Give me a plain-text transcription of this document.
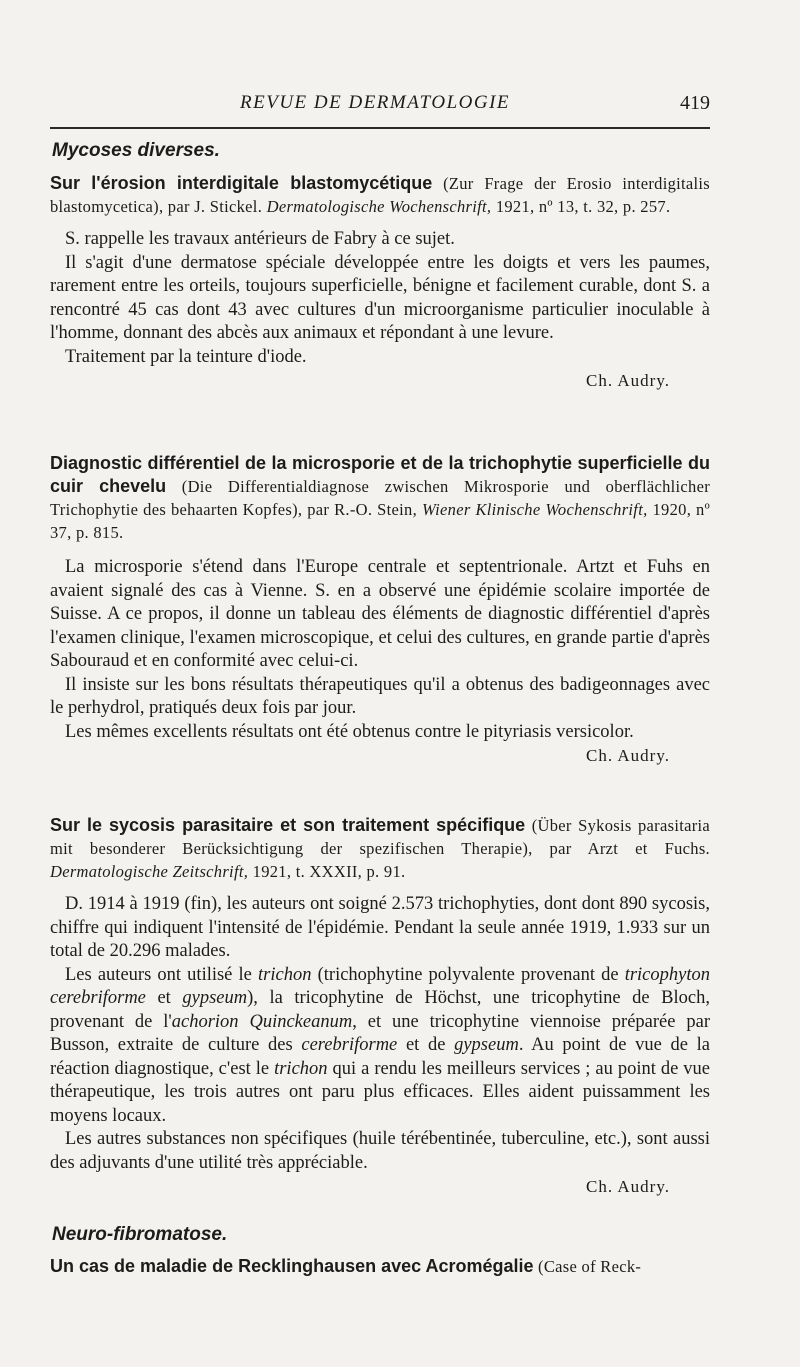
REVUE DE DERMATOLOGIE	419
Mycoses diverses.

Sur l'érosion interdigitale blastomycétique (Zur Frage der Erosio interdigitalis blastomycetica), par J. Stickel. Dermatologische Wochenschrift, 1921, nº 13, t. 32, p. 257.

S. rappelle les travaux antérieurs de Fabry à ce sujet.

Il s'agit d'une dermatose spéciale développée entre les doigts et vers les paumes, rarement entre les orteils, toujours superficielle, bénigne et facilement curable, dont S. a rencontré 45 cas dont 43 avec cultures d'un microorganisme particulier inoculable à l'homme, donnant des abcès aux animaux et répondant à une levure.

Traitement par la teinture d'iode.

Ch. Audry.

Diagnostic différentiel de la microsporie et de la trichophytie superficielle du cuir chevelu (Die Differentialdiagnose zwischen Mikrosporie und oberflächlicher Trichophytie des behaarten Kopfes), par R.-O. Stein, Wiener Klinische Wochenschrift, 1920, nº 37, p. 815.

La microsporie s'étend dans l'Europe centrale et septentrionale. Artzt et Fuhs en avaient signalé des cas à Vienne. S. en a observé une épidémie scolaire importée de Suisse. A ce propos, il donne un tableau des éléments de diagnostic différentiel d'après l'examen clinique, l'examen microscopique, et celui des cultures, en grande partie d'après Sabouraud et en conformité avec celui-ci.

Il insiste sur les bons résultats thérapeutiques qu'il a obtenus des badigeonnages avec le perhydrol, pratiqués deux fois par jour.

Les mêmes excellents résultats ont été obtenus contre le pityriasis versicolor.

Ch. Audry.

Sur le sycosis parasitaire et son traitement spécifique (Über Sykosis parasitaria mit besonderer Berücksichtigung der spezifischen Therapie), par Arzt et Fuchs. Dermatologische Zeitschrift, 1921, t. XXXII, p. 91.

D. 1914 à 1919 (fin), les auteurs ont soigné 2.573 trichophyties, dont dont 890 sycosis, chiffre qui indiquent l'intensité de l'épidémie. Pendant la seule année 1919, 1.933 sur un total de 20.296 malades.

Les auteurs ont utilisé le trichon (trichophytine polyvalente provenant de tricophyton cerebriforme et gypseum), la tricophytine de Höchst, une tricophytine de Bloch, provenant de l'achorion Quinckeanum, et une tricophytine viennoise préparée par Busson, extraite de culture des cerebriforme et de gypseum. Au point de vue de la réaction diagnostique, c'est le trichon qui a rendu les meilleurs services ; au point de vue thérapeutique, les trois autres ont paru plus efficaces. Elles aident puissamment les moyens locaux.

Les autres substances non spécifiques (huile térébentinée, tuberculine, etc.), sont aussi des adjuvants d'une utilité très appréciable.

Ch. Audry.

Neuro-fibromatose.

Un cas de maladie de Recklinghausen avec Acromégalie (Case of Reck-
